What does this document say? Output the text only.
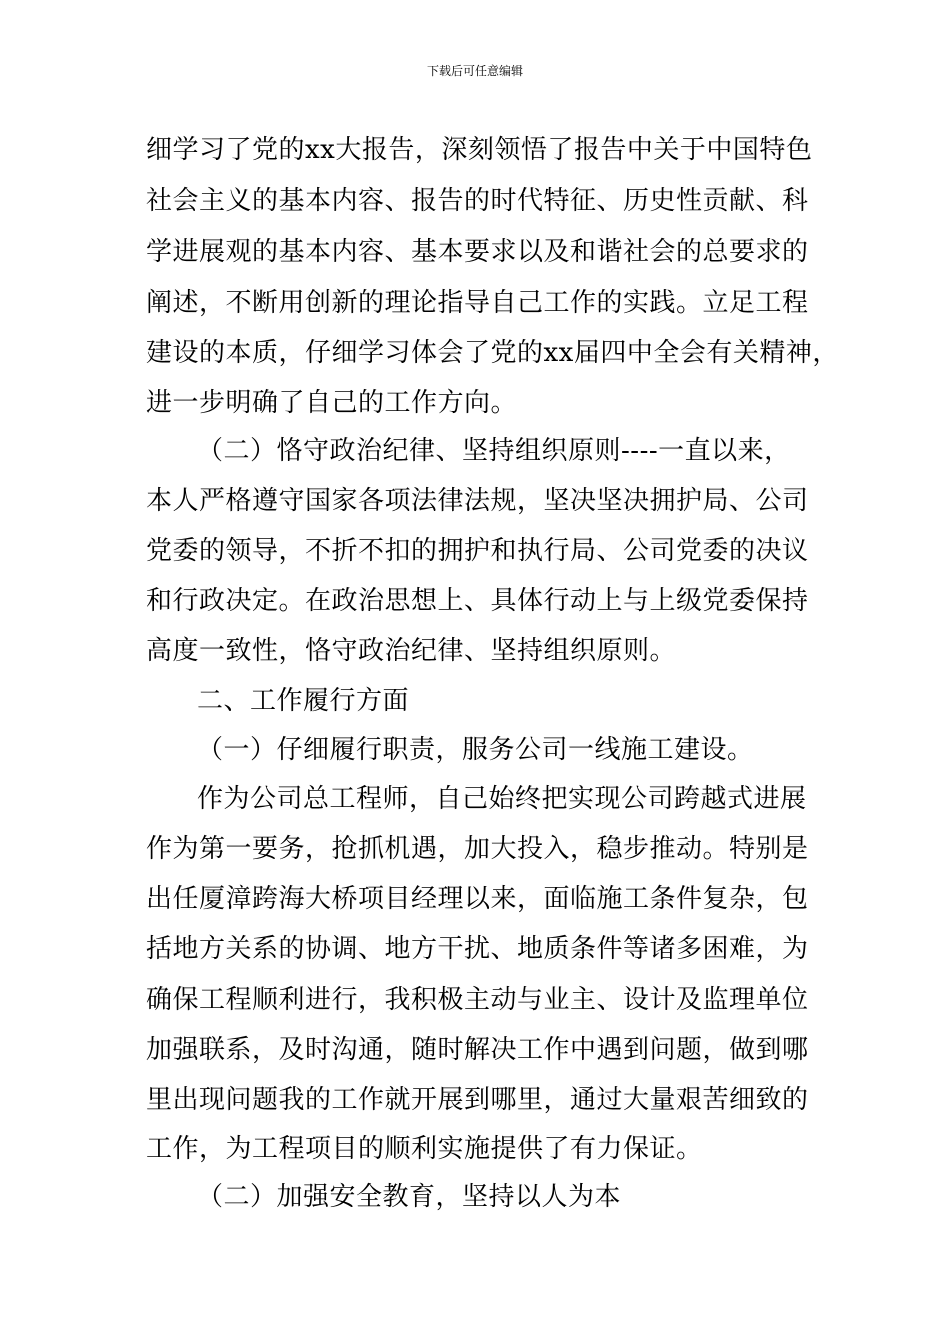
下载后可任意编辑
细学习了党的xx大报告，深刻领悟了报告中关于中国特色
社会主义的基本内容、报告的时代特征、历史性贡献、科
学进展观的基本内容、基本要求以及和谐社会的总要求的
阐述，不断用创新的理论指导自己工作的实践。立足工程
建设的本质，仔细学习体会了党的xx届四中全会有关精神，
进一步明确了自己的工作方向。
（二）恪守政治纪律、坚持组织原则----一直以来，
本人严格遵守国家各项法律法规，坚决坚决拥护局、公司
党委的领导，不折不扣的拥护和执行局、公司党委的决议
和行政决定。在政治思想上、具体行动上与上级党委保持
高度一致性，恪守政治纪律、坚持组织原则。
二、工作履行方面
（一）仔细履行职责，服务公司一线施工建设。
作为公司总工程师，自己始终把实现公司跨越式进展
作为第一要务，抢抓机遇，加大投入，稳步推动。特别是
出任厦漳跨海大桥项目经理以来，面临施工条件复杂，包
括地方关系的协调、地方干扰、地质条件等诸多困难，为
确保工程顺利进行，我积极主动与业主、设计及监理单位
加强联系，及时沟通，随时解决工作中遇到问题，做到哪
里出现问题我的工作就开展到哪里，通过大量艰苦细致的
工作，为工程项目的顺利实施提供了有力保证。
（二）加强安全教育，坚持以人为本
